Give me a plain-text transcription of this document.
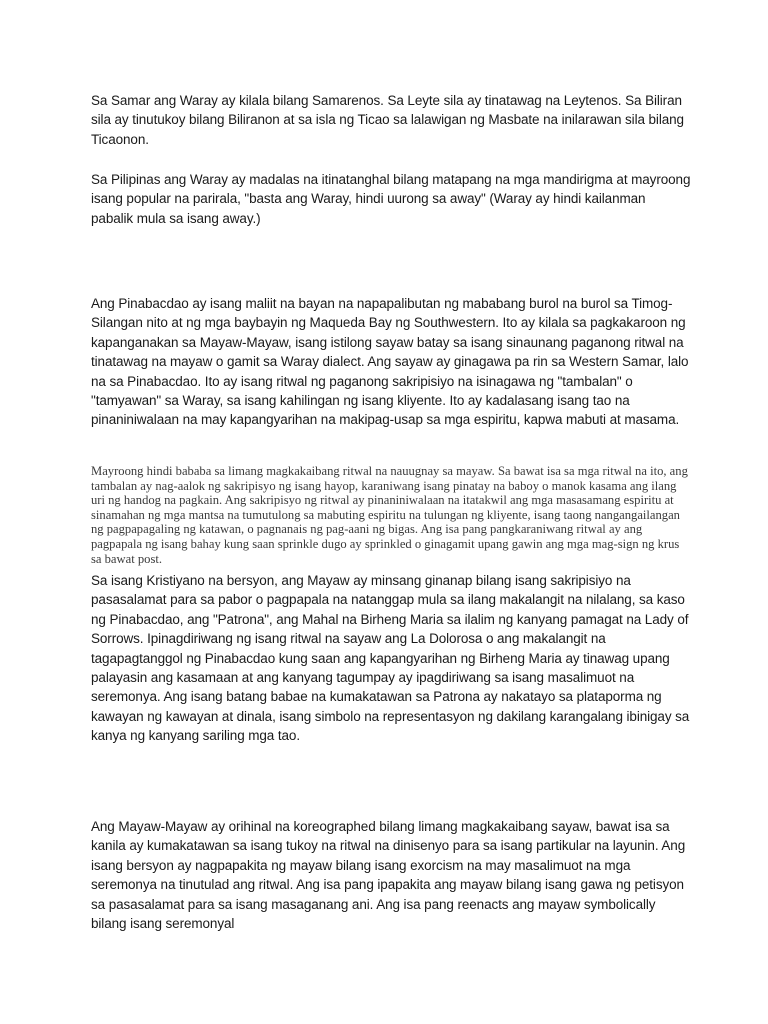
Sa Samar ang Waray ay kilala bilang Samarenos. Sa Leyte sila ay tinatawag na Leytenos. Sa Biliran sila ay tinutukoy bilang Biliranon at sa isla ng Ticao sa lalawigan ng Masbate na inilarawan sila bilang Ticaonon.

Sa Pilipinas ang Waray ay madalas na itinatanghal bilang matapang na mga mandirigma at mayroong isang popular na parirala, "basta ang Waray, hindi uurong sa away" (Waray ay hindi kailanman pabalik mula sa isang away.)

Ang Pinabacdao ay isang maliit na bayan na napapalibutan ng mababang burol na burol sa Timog-Silangan nito at ng mga baybayin ng Maqueda Bay ng Southwestern. Ito ay kilala sa pagkakaroon ng kapanganakan sa Mayaw-Mayaw, isang istilong sayaw batay sa isang sinaunang paganong ritwal na tinatawag na mayaw o gamit sa Waray dialect. Ang sayaw ay ginagawa pa rin sa Western Samar, lalo na sa Pinabacdao. Ito ay isang ritwal ng paganong sakripisiyo na isinagawa ng "tambalan" o "tamyawan" sa Waray, sa isang kahilingan ng isang kliyente. Ito ay kadalasang isang tao na pinaniniwalaan na may kapangyarihan na makipag-usap sa mga espiritu, kapwa mabuti at masama.

Mayroong hindi bababa sa limang magkakaibang ritwal na nauugnay sa mayaw. Sa bawat isa sa mga ritwal na ito, ang tambalan ay nag-aalok ng sakripisyo ng isang hayop, karaniwang isang pinatay na baboy o manok kasama ang ilang uri ng handog na pagkain. Ang sakripisyo ng ritwal ay pinaniniwalaan na itatakwil ang mga masasamang espiritu at sinamahan ng mga mantsa na tumutulong sa mabuting espiritu na tulungan ng kliyente, isang taong nangangailangan ng pagpapagaling ng katawan, o pagnanais ng pag-aani ng bigas. Ang isa pang pangkaraniwang ritwal ay ang pagpapala ng isang bahay kung saan sprinkle dugo ay sprinkled o ginagamit upang gawin ang mga mag-sign ng krus sa bawat post.

Sa isang Kristiyano na bersyon, ang Mayaw ay minsang ginanap bilang isang sakripisiyo na pasasalamat para sa pabor o pagpapala na natanggap mula sa ilang makalangit na nilalang, sa kaso ng Pinabacdao, ang "Patrona", ang Mahal na Birheng Maria sa ilalim ng kanyang pamagat na Lady of Sorrows. Ipinagdiriwang ng isang ritwal na sayaw ang La Dolorosa o ang makalangit na tagapagtanggol ng Pinabacdao kung saan ang kapangyarihan ng Birheng Maria ay tinawag upang palayasin ang kasamaan at ang kanyang tagumpay ay ipagdiriwang sa isang masalimuot na seremonya. Ang isang batang babae na kumakatawan sa Patrona ay nakatayo sa plataporma ng kawayan ng kawayan at dinala, isang simbolo na representasyon ng dakilang karangalang ibinigay sa kanya ng kanyang sariling mga tao.

Ang Mayaw-Mayaw ay orihinal na koreographed bilang limang magkakaibang sayaw, bawat isa sa kanila ay kumakatawan sa isang tukoy na ritwal na dinisenyo para sa isang partikular na layunin. Ang isang bersyon ay nagpapakita ng mayaw bilang isang exorcism na may masalimuot na mga seremonya na tinutulad ang ritwal. Ang isa pang ipapakita ang mayaw bilang isang gawa ng petisyon sa pasasalamat para sa isang masaganang ani. Ang isa pang reenacts ang mayaw symbolically bilang isang seremonyal
